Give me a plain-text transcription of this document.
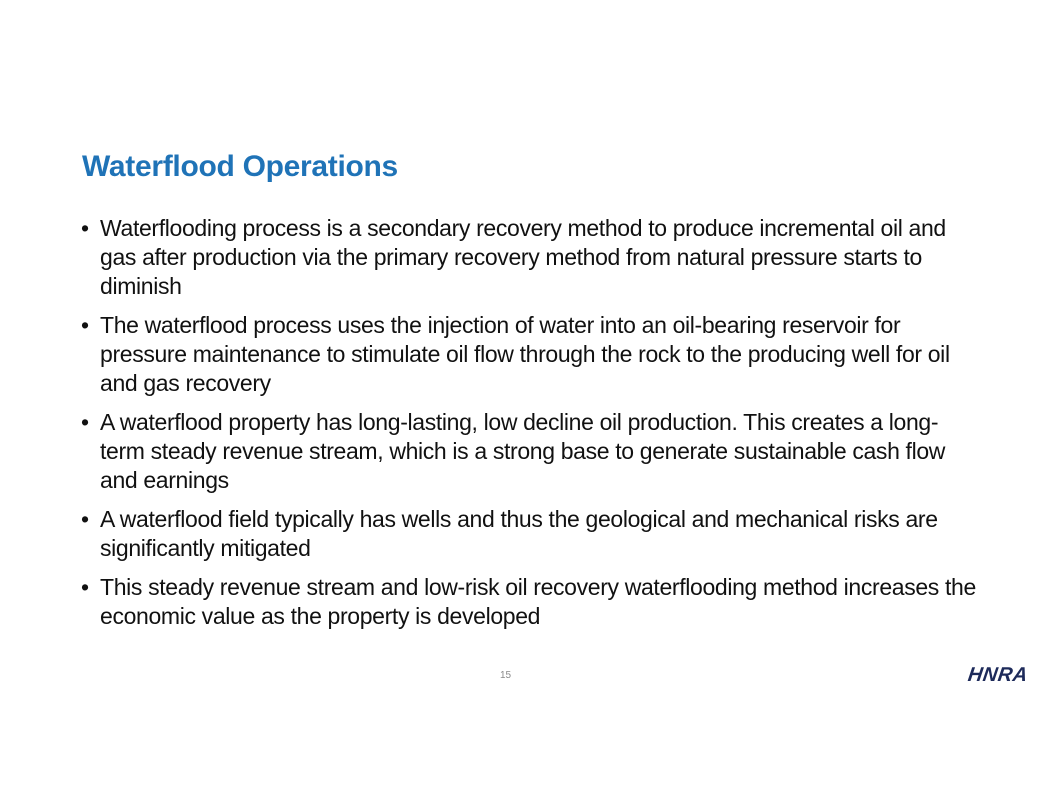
Waterflood Operations
• Waterflooding process is a secondary recovery method to produce incremental oil and gas after production via the primary recovery method from natural pressure starts to diminish
• The waterflood process uses the injection of water into an oil-bearing reservoir for pressure maintenance to stimulate oil flow through the rock to the producing well for oil and gas recovery
• A waterflood property has long-lasting, low decline oil production. This creates a long-term steady revenue stream, which is a strong base to generate sustainable cash flow and earnings
• A waterflood field typically has wells and thus the geological and mechanical risks are significantly mitigated
• This steady revenue stream and low-risk oil recovery waterflooding method increases the economic value as the property is developed
15	HNRA
